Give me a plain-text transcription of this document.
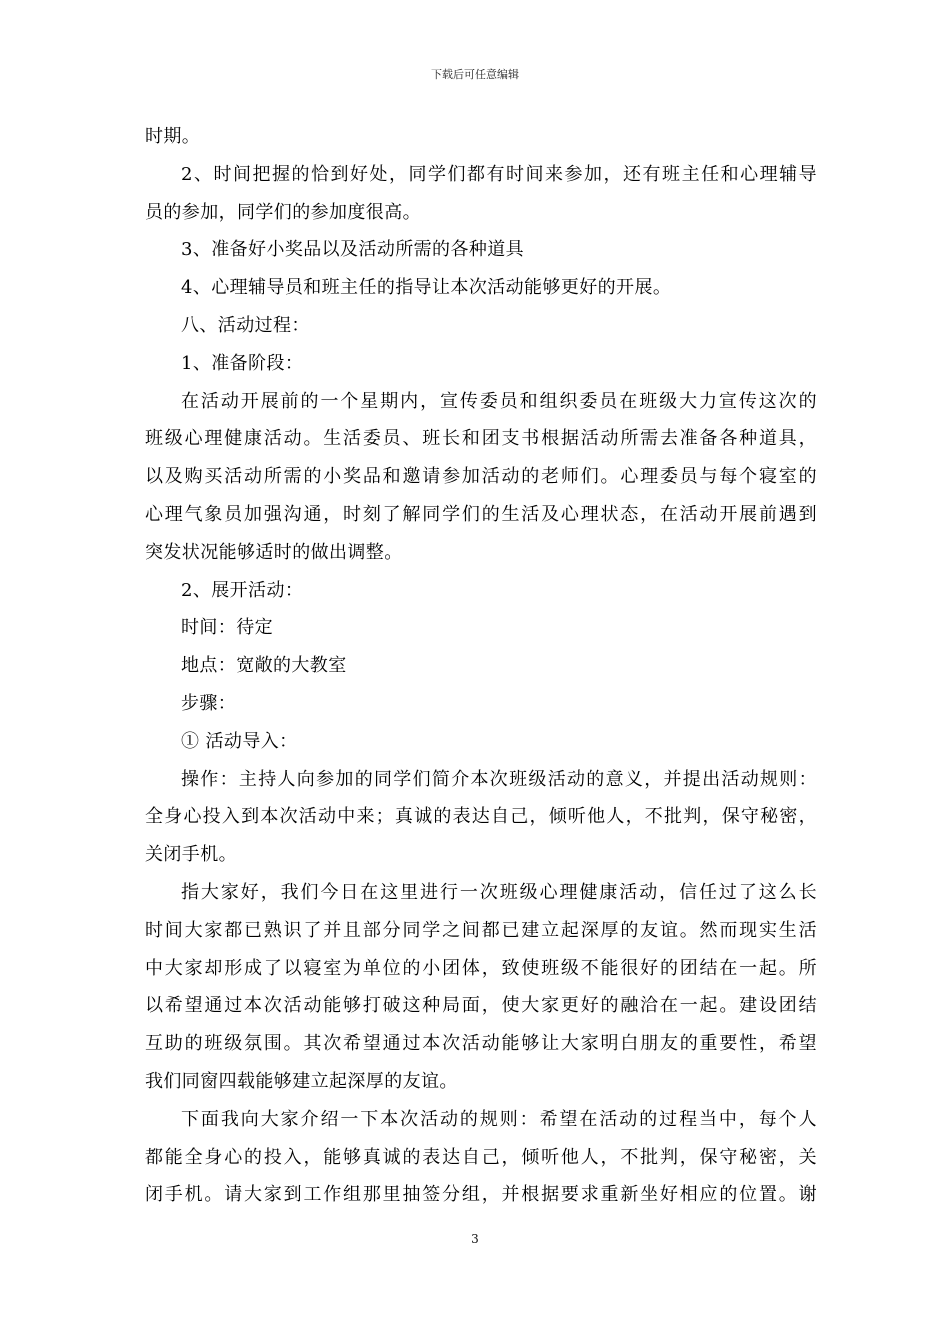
下载后可任意编辑
时期。
2、时间把握的恰到好处，同学们都有时间来参加，还有班主任和心理辅导
员的参加，同学们的参加度很高。
3、准备好小奖品以及活动所需的各种道具
4、心理辅导员和班主任的指导让本次活动能够更好的开展。
八、活动过程：
1、准备阶段：
在活动开展前的一个星期内，宣传委员和组织委员在班级大力宣传这次的
班级心理健康活动。生活委员、班长和团支书根据活动所需去准备各种道具，
以及购买活动所需的小奖品和邀请参加活动的老师们。心理委员与每个寝室的
心理气象员加强沟通，时刻了解同学们的生活及心理状态，在活动开展前遇到
突发状况能够适时的做出调整。
2、展开活动：
时间：待定
地点：宽敞的大教室
步骤：
① 活动导入：
操作：主持人向参加的同学们简介本次班级活动的意义，并提出活动规则：
全身心投入到本次活动中来；真诚的表达自己，倾听他人，不批判，保守秘密，
关闭手机。
指大家好，我们今日在这里进行一次班级心理健康活动，信任过了这么长
时间大家都已熟识了并且部分同学之间都已建立起深厚的友谊。然而现实生活
中大家却形成了以寝室为单位的小团体，致使班级不能很好的团结在一起。所
以希望通过本次活动能够打破这种局面，使大家更好的融洽在一起。建设团结
互助的班级氛围。其次希望通过本次活动能够让大家明白朋友的重要性，希望
我们同窗四载能够建立起深厚的友谊。
下面我向大家介绍一下本次活动的规则：希望在活动的过程当中，每个人
都能全身心的投入，能够真诚的表达自己，倾听他人，不批判，保守秘密，关
闭手机。请大家到工作组那里抽签分组，并根据要求重新坐好相应的位置。谢
3
